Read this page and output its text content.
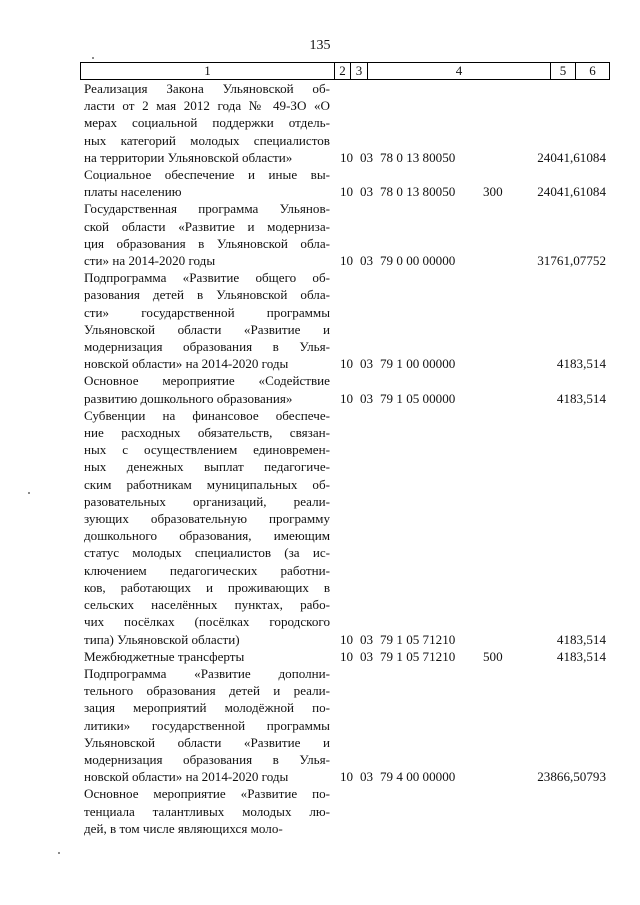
135
1	2 3	4	5	6
Реализация Закона Ульяновской об-
ласти от 2 мая 2012 года № 49-ЗО «О
мерах социальной поддержки отдель-
ных категорий молодых специалистов
на территории Ульяновской области»	10 03 78 0 13 80050	24041,61084
Социальное обеспечение и иные вы-
платы населению	10 03 78 0 13 80050 300	24041,61084
Государственная программа Ульянов-
ской области «Развитие и модерниза-
ция образования в Ульяновской обла-
сти» на 2014-2020 годы	10 03 79 0 00 00000	31761,07752
Подпрограмма «Развитие общего об-
разования детей в Ульяновской обла-
сти» государственной программы
Ульяновской области «Развитие и
модернизация образования в Улья-
новской области» на 2014-2020 годы	10 03 79 1 00 00000	4183,514
Основное мероприятие «Содействие
развитию дошкольного образования»	10 03 79 1 05 00000	4183,514
Субвенции на финансовое обеспече-
ние расходных обязательств, связан-
ных с осуществлением единовремен-
ных денежных выплат педагогиче-
ским работникам муниципальных об-
разовательных организаций, реали-
зующих образовательную программу
дошкольного образования, имеющим
статус молодых специалистов (за ис-
ключением педагогических работни-
ков, работающих и проживающих в
сельских населённых пунктах, рабо-
чих посёлках (посёлках городского
типа) Ульяновской области)	10 03 79 1 05 71210	4183,514
Межбюджетные трансферты	10 03 79 1 05 71210 500	4183,514
Подпрограмма «Развитие дополни-
тельного образования детей и реали-
зация мероприятий молодёжной по-
литики» государственной программы
Ульяновской области «Развитие и
модернизация образования в Улья-
новской области» на 2014-2020 годы	10 03 79 4 00 00000	23866,50793
Основное мероприятие «Развитие по-
тенциала талантливых молодых лю-
дей, в том числе являющихся моло-
